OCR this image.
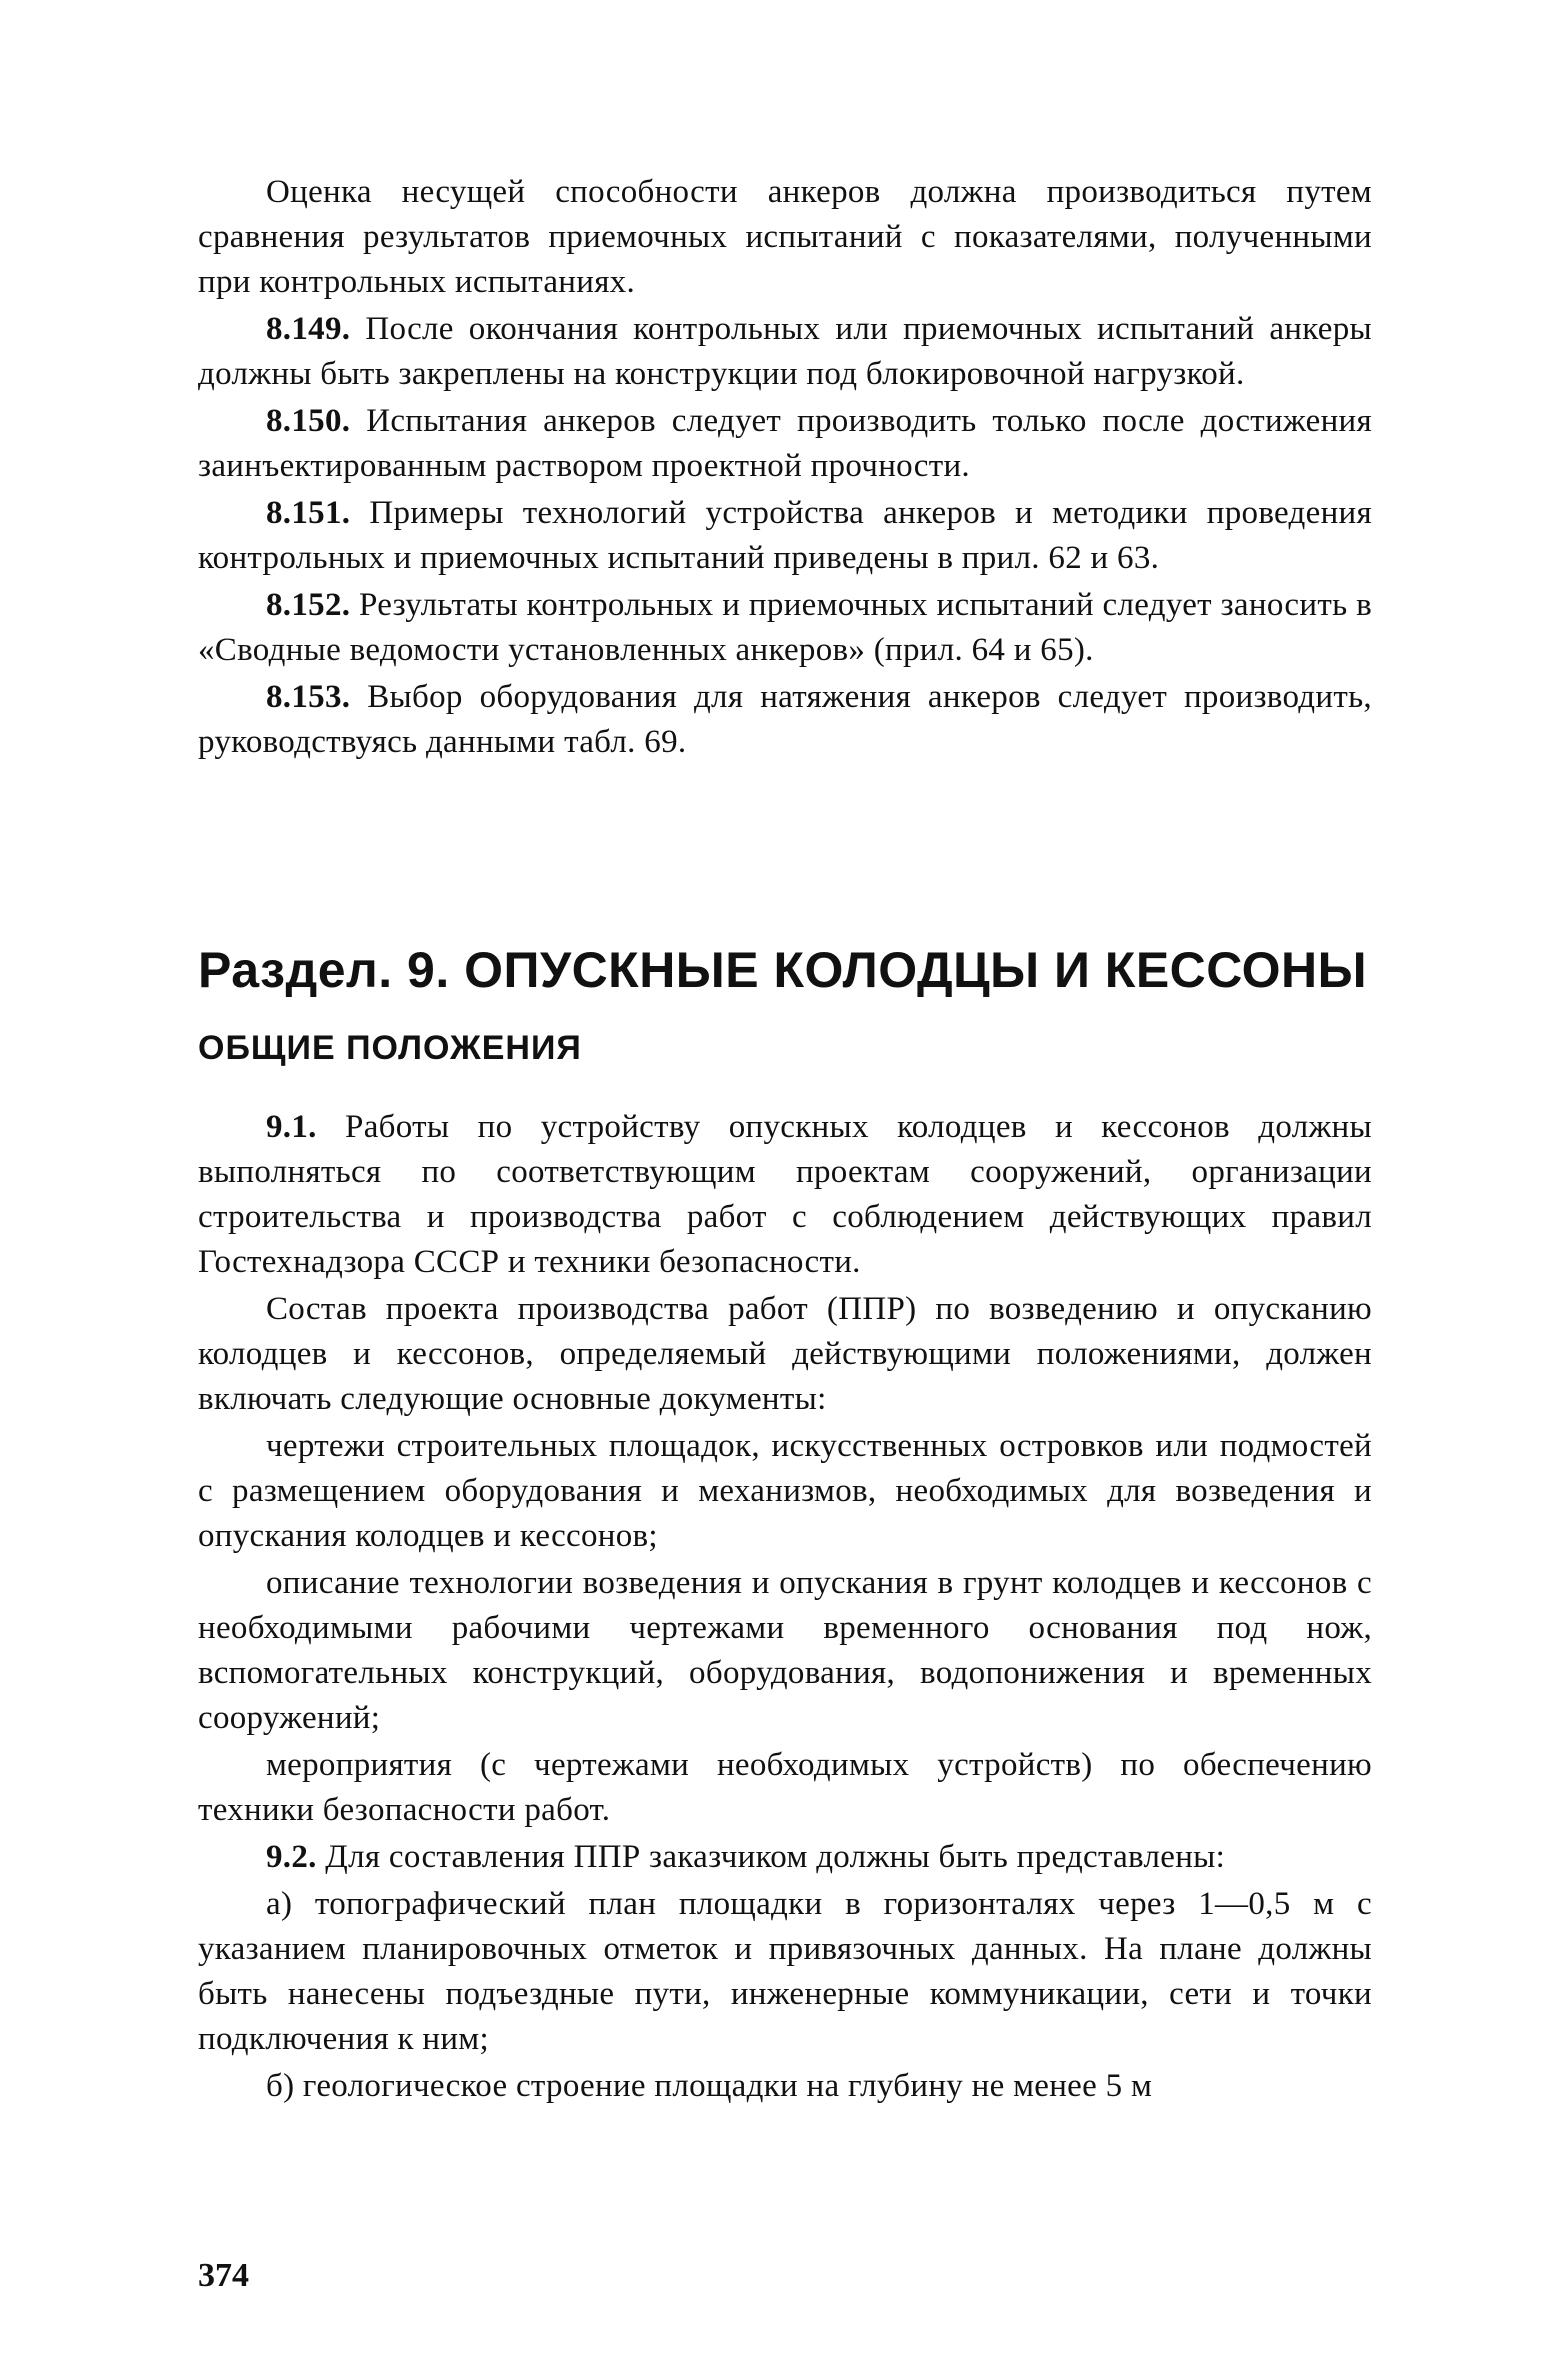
Оценка несущей способности анкеров должна производиться путем сравнения результатов приемочных испытаний с показателями, полученными при контрольных испытаниях.

8.149. После окончания контрольных или приемочных испытаний анкеры должны быть закреплены на конструкции под блокировочной нагрузкой.

8.150. Испытания анкеров следует производить только после достижения заинъектированным раствором проектной прочности.

8.151. Примеры технологий устройства анкеров и методики проведения контрольных и приемочных испытаний приведены в прил. 62 и 63.

8.152. Результаты контрольных и приемочных испытаний следует заносить в «Сводные ведомости установленных анкеров» (прил. 64 и 65).

8.153. Выбор оборудования для натяжения анкеров следует производить, руководствуясь данными табл. 69.

Раздел. 9. ОПУСКНЫЕ КОЛОДЦЫ И КЕССОНЫ
ОБЩИЕ ПОЛОЖЕНИЯ

9.1. Работы по устройству опускных колодцев и кессонов должны выполняться по соответствующим проектам сооружений, организации строительства и производства работ с соблюдением действующих правил Гостехнадзора СССР и техники безопасности.

Состав проекта производства работ (ППР) по возведению и опусканию колодцев и кессонов, определяемый действующими положениями, должен включать следующие основные документы:

чертежи строительных площадок, искусственных островков или подмостей с размещением оборудования и механизмов, необходимых для возведения и опускания колодцев и кессонов;

описание технологии возведения и опускания в грунт колодцев и кессонов с необходимыми рабочими чертежами временного основания под нож, вспомогательных конструкций, оборудования, водопонижения и временных сооружений;

мероприятия (с чертежами необходимых устройств) по обеспечению техники безопасности работ.

9.2. Для составления ППР заказчиком должны быть представлены:

а) топографический план площадки в горизонталях через 1—0,5 м с указанием планировочных отметок и привязочных данных. На плане должны быть нанесены подъездные пути, инженерные коммуникации, сети и точки подключения к ним;

б) геологическое строение площадки на глубину не менее 5 м

374
